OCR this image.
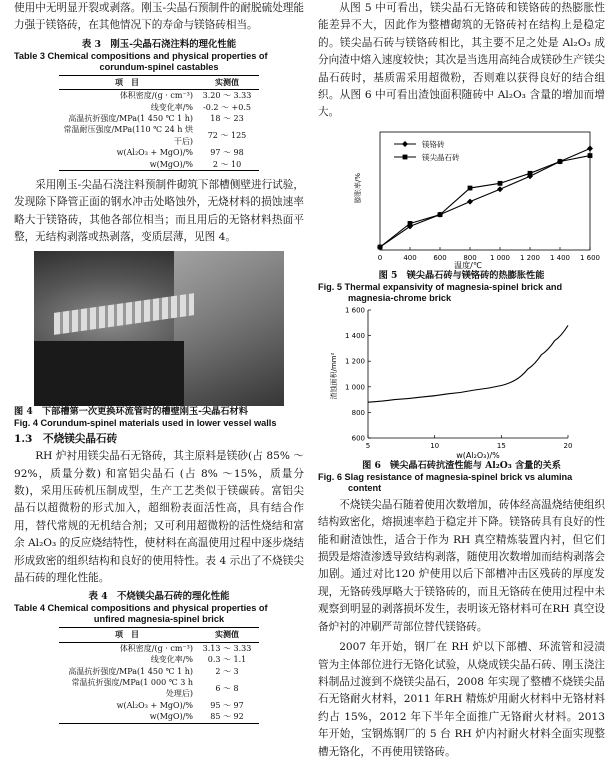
使用中无明显开裂或剥落。刚玉-尖晶石预制件的耐脱硫处理能力强于镁铬砖，在其他情况下的寿命与镁铬砖相当。

表 3　刚玉-尖晶石浇注料的理化性能
Table 3 Chemical compositions and physical properties of
corundum-spinel castables
项　目	实测值
体积密度/(g · cm⁻³)	3.20 ～ 3.33
线变化率/%	-0.2 ～ +0.5
高温抗折强度/MPa(1 450 ℃ 1 h)	18 ～ 23
常温耐压强度/MPa(110 ℃ 24 h 烘干后)	72 ～ 125
w(Al₂O₃ + MgO)/%	97 ～ 98
w(MgO)/%	2 ～ 10

采用刚玉-尖晶石浇注料预制件砌筑下部槽侧壁进行试验，发现除下降管正面的钢水冲击处略蚀外，无烧材料的损蚀速率略大于镁铬砖，其他各部位相当；而且用后的无铬材料热面平整，无结构剥落或热剥落，变质层薄，见图 4。

图 4　下部槽第一次更换环流管时的槽壁刚玉-尖晶石材料
Fig. 4 Corundum-spinel materials used in lower vessel walls

1.3　不烧镁尖晶石砖

RH 炉衬用镁尖晶石无铬砖，其主原料是镁砂(占 85% ～92%，质量分数) 和富铝尖晶石 (占 8% ～15%，质量分数)，采用压砖机压制成型，生产工艺类似于镁碳砖。富铝尖晶石以超微粉的形式加入，超细粉表面活性高，具有结合作用，替代常规的无机结合剂；又可利用超微粉的活性烧结和富余 Al₂O₃ 的反应烧结特性，使材料在高温使用过程中逐步烧结形成致密的组织结构和良好的使用特性。表 4 示出了不烧镁尖晶石砖的理化性能。

表 4　不烧镁尖晶石砖的理化性能
Table 4 Chemical compositions and physical properties of
unfired magnesia-spinel brick
项　目	实测值
体积密度/(g · cm⁻³)	3.13 ～ 3.33
线变化率/%	0.3 ～ 1.1
高温抗折强度/MPa(1 450 ℃ 1 h)	2 ～ 3
常温抗折强度/MPa(1 000 ℃ 3 h 处理后)	6 ～ 8
w(Al₂O₃ + MgO)/%	95 ～ 97
w(MgO)/%	85 ～ 92

从图 5 中可看出，镁尖晶石无铬砖和镁铬砖的热膨胀性能差异不大，因此作为整槽砌筑的无铬砖衬在结构上是稳定的。镁尖晶石砖与镁铬砖相比，其主要不足之处是 Al₂O₃ 成分向渣中熔入速度较快；其次是当选用高纯合成镁砂生产镁尖晶石砖时，基质需采用超微粉，否则难以获得良好的结合组织。从图 6 中可看出渣蚀面积随砖中 Al₂O₃ 含量的增加而增大。

0	400 600 800 1 000 1 200 1 400 1 600
镁铬砖
镁尖晶石砖
温度/℃
膨胀率/%
图 5　镁尖晶石砖与镁铬砖的热膨胀性能
Fig. 5 Thermal expansivity of magnesia-spinel brick and
magnesia-chrome brick
600
800
1 000
1 200
1 400
1 600
5	10	15	20
w(Al₂O₃)/%
渣蚀面积/mm²
图 6　镁尖晶石砖抗渣性能与 Al₂O₃ 含量的关系
Fig. 6 Slag resistance of magnesia-spinel brick vs alumina
content

不烧镁尖晶石随着使用次数增加，砖体经高温烧结使组织结构致密化，熔损速率趋于稳定并下降。镁铬砖具有良好的性能和耐渣蚀性，适合于作为 RH 真空精炼装置内衬，但它们损毁是熔渣渗透导致结构剥落，随使用次数增加而结构剥落会加剧。通过对比120 炉使用以后下部槽冲击区残砖的厚度发现，无铬砖残厚略大于镁铬砖的，而且无铬砖在使用过程中未观察到明显的剥落损坏发生，表明该无铬材料可在RH 真空设备炉衬的冲刷严苛部位替代镁铬砖。

2007 年开始，钢厂在 RH 炉以下部槽、环流管和浸渍管为主体部位进行无铬化试验，从烧成镁尖晶石砖、刚玉浇注料制品过渡到不烧镁尖晶石，2008 年实现了整槽不烧镁尖晶石无铬耐火材料，2011 年RH 精炼炉用耐火材料中无铬材料约占 15%，2012 年下半年全面推广无铬耐火材料。2013 年开始，宝钢炼钢厂的 5 台 RH 炉内衬耐火材料全面实现整槽无铬化，不再使用镁铬砖。
